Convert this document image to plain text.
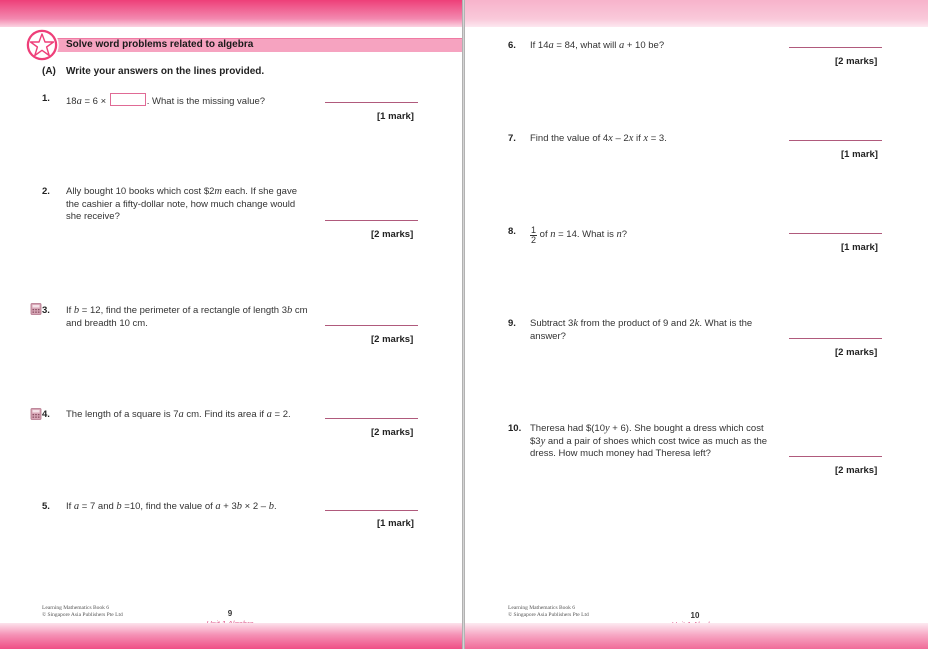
Solve word problems related to algebra
(A) Write your answers on the lines provided.
1. 18a = 6 ×	. What is the missing value?
[1 mark]
2. Ally bought 10 books which cost $2m each. If she gave
the cashier a fifty-dollar note, how much change would
she receive?
[2 marks]
3. If b = 12, find the perimeter of a rectangle of length 3b cm
and breadth 10 cm.
[2 marks]
4. The length of a square is 7a cm. Find its area if a = 2.
[2 marks]
5. If a = 7 and b =10, find the value of a + 3b × 2 – b.
[1 mark]
Learning Mathematics Book 6
© Singapore Asia Publishers Pte Ltd	9
6. If 14a = 84, what will a + 10 be?
[2 marks]
7. Find the value of 4x – 2x if x = 3.
[1 mark]
8. $\frac{1}{2}$ of n = 14. What is n?
[1 mark]
9. Subtract 3k from the product of 9 and 2k. What is the
answer?
[2 marks]
10. Theresa had $(10y + 6). She bought a dress which cost
$3y and a pair of shoes which cost twice as much as the
dress. How much money had Theresa left?
[2 marks]
Learning Mathematics Book 6
© Singapore Asia Publishers Pte Ltd	10
